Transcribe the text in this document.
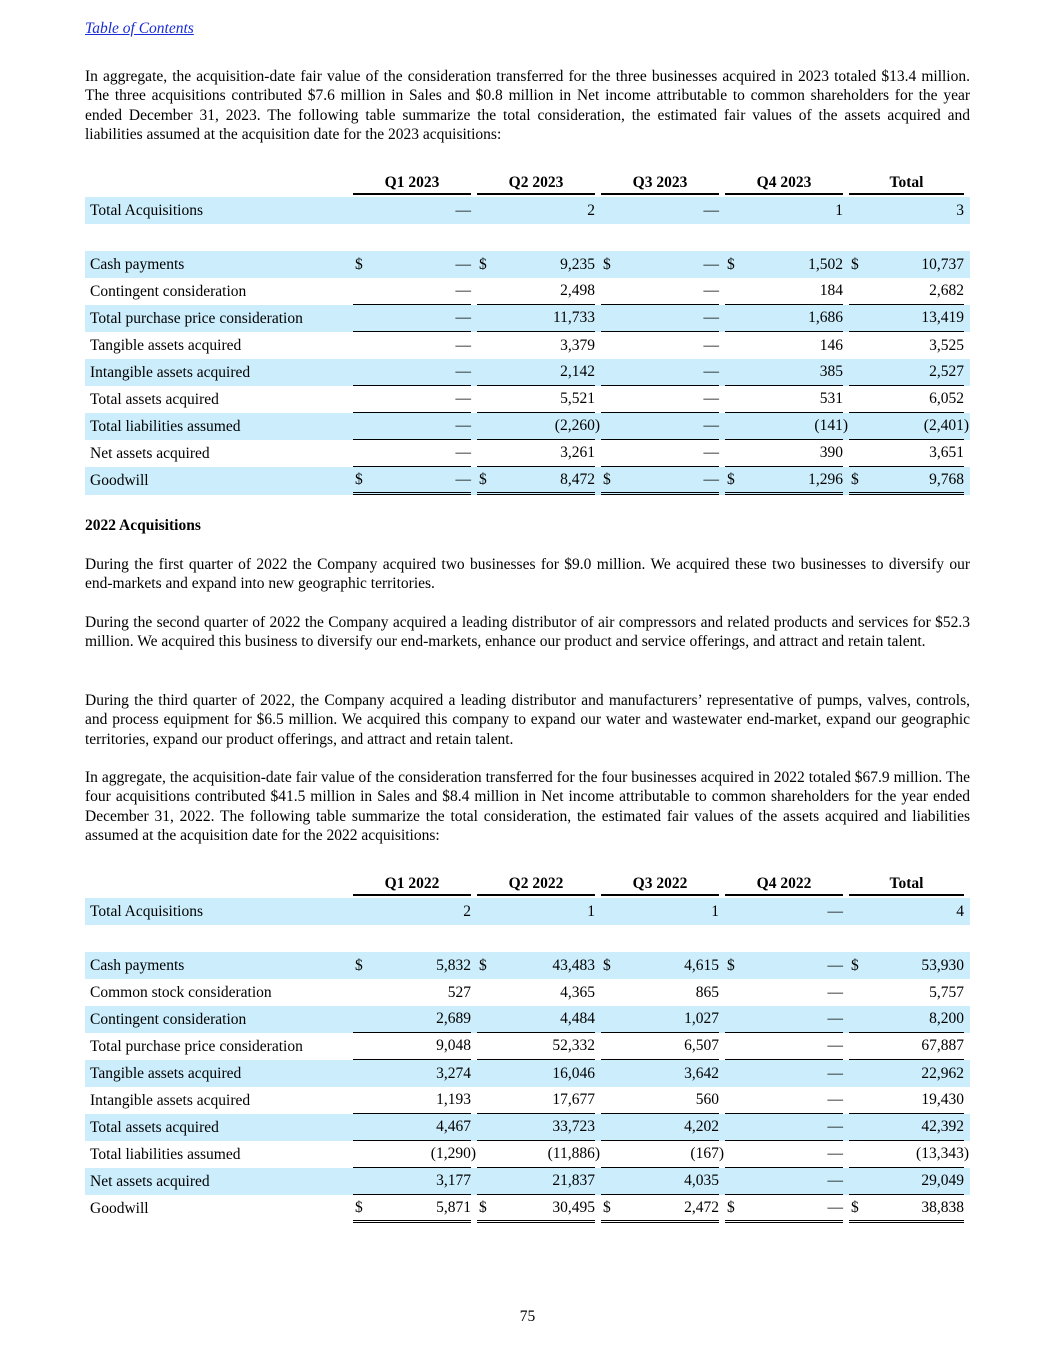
Table of Contents

In aggregate, the acquisition-date fair value of the consideration transferred for the three businesses acquired in 2023 totaled $13.4 million. The three acquisitions contributed $7.6 million in Sales and $0.8 million in Net income attributable to common shareholders for the year ended December 31, 2023. The following table summarize the total consideration, the estimated fair values of the assets acquired and liabilities assumed at the acquisition date for the 2023 acquisitions:

	Q1 2023	Q2 2023	Q3 2023	Q4 2023	Total

Total Acquisitions	—	2	—	1	3

Cash payments	$ —	$ 9,235	$ —	$ 1,502	$ 10,737

Contingent consideration	—	2,498	—	184	2,682

Total purchase price consideration	—	11,733	—	1,686	13,419

Tangible assets acquired	—	3,379	—	146	3,525

Intangible assets acquired	—	2,142	—	385	2,527

Total assets acquired	—	5,521	—	531	6,052

Total liabilities assumed	—	(2,260)	—	(141)	(2,401)

Net assets acquired	—	3,261	—	390	3,651

Goodwill	$ —	$ 8,472	$ —	$ 1,296	$ 9,768

2022 Acquisitions

During the first quarter of 2022 the Company acquired two businesses for $9.0 million. We acquired these two businesses to diversify our end-markets and expand into new geographic territories.

During the second quarter of 2022 the Company acquired a leading distributor of air compressors and related products and services for $52.3 million. We acquired this business to diversify our end-markets, enhance our product and service offerings, and attract and retain talent.

During the third quarter of 2022, the Company acquired a leading distributor and manufacturers’ representative of pumps, valves, controls, and process equipment for $6.5 million. We acquired this company to expand our water and wastewater end-market, expand our geographic territories, expand our product offerings, and attract and retain talent.

In aggregate, the acquisition-date fair value of the consideration transferred for the four businesses acquired in 2022 totaled $67.9 million. The four acquisitions contributed $41.5 million in Sales and $8.4 million in Net income attributable to common shareholders for the year ended December 31, 2022. The following table summarize the total consideration, the estimated fair values of the assets acquired and liabilities assumed at the acquisition date for the 2022 acquisitions:

	Q1 2022	Q2 2022	Q3 2022	Q4 2022	Total

Total Acquisitions	2	1	1	—	4

Cash payments	$ 5,832	$ 43,483	$ 4,615	$ —	$ 53,930

Common stock consideration	527	4,365	865	—	5,757

Contingent consideration	2,689	4,484	1,027	—	8,200

Total purchase price consideration	9,048	52,332	6,507	—	67,887

Tangible assets acquired	3,274	16,046	3,642	—	22,962

Intangible assets acquired	1,193	17,677	560	—	19,430

Total assets acquired	4,467	33,723	4,202	—	42,392

Total liabilities assumed	(1,290)	(11,886)	(167)	—	(13,343)

Net assets acquired	3,177	21,837	4,035	—	29,049

Goodwill	$ 5,871	$ 30,495	$ 2,472	$ —	$ 38,838
75
